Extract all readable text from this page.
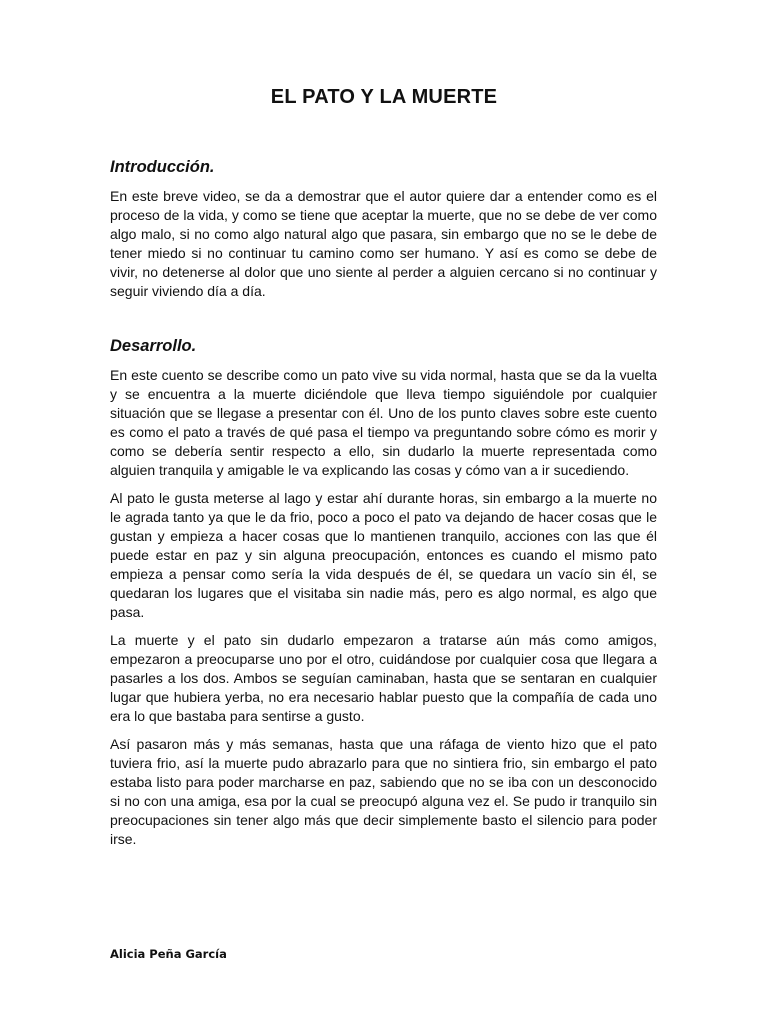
EL PATO Y LA MUERTE
Introducción.

En este breve video, se da a demostrar que el autor quiere dar a entender como es el proceso de la vida, y como se tiene que aceptar la muerte, que no se debe de ver como algo malo, si no como algo natural algo que pasara, sin embargo que no se le debe de tener miedo si no continuar tu camino como ser humano. Y así es como se debe de vivir, no detenerse al dolor que uno siente al perder a alguien cercano si no continuar y seguir viviendo día a día.

Desarrollo.

En este cuento se describe como un pato vive su vida normal, hasta que se da la vuelta y se encuentra a la muerte diciéndole que lleva tiempo siguiéndole por cualquier situación que se llegase a presentar con él. Uno de los punto claves sobre este cuento es como el pato a través de qué pasa el tiempo va preguntando sobre cómo es morir y como se debería sentir respecto a ello, sin dudarlo la muerte representada como alguien tranquila y amigable le va explicando las cosas y cómo van a ir sucediendo.

Al pato le gusta meterse al lago y estar ahí durante horas, sin embargo a la muerte no le agrada tanto ya que le da frio, poco a poco el pato va dejando de hacer cosas que le gustan y empieza a hacer cosas que lo mantienen tranquilo, acciones con las que él puede estar en paz y sin alguna preocupación, entonces es cuando el mismo pato empieza a pensar como sería la vida después de él, se quedara un vacío sin él, se quedaran los lugares que el visitaba sin nadie más, pero es algo normal, es algo que pasa.

La muerte y el pato sin dudarlo empezaron a tratarse aún más como amigos, empezaron a preocuparse uno por el otro, cuidándose por cualquier cosa que llegara a pasarles a los dos. Ambos se seguían caminaban, hasta que se sentaran en cualquier lugar que hubiera yerba, no era necesario hablar puesto que la compañía de cada uno era lo que bastaba para sentirse a gusto.

Así pasaron más y más semanas, hasta que una ráfaga de viento hizo que el pato tuviera frio, así la muerte pudo abrazarlo para que no sintiera frio, sin embargo el pato estaba listo para poder marcharse en paz, sabiendo que no se iba con un desconocido si no con una amiga, esa por la cual se preocupó alguna vez el. Se pudo ir tranquilo sin preocupaciones sin tener algo más que decir simplemente basto el silencio para poder irse.

Alicia Peña García
